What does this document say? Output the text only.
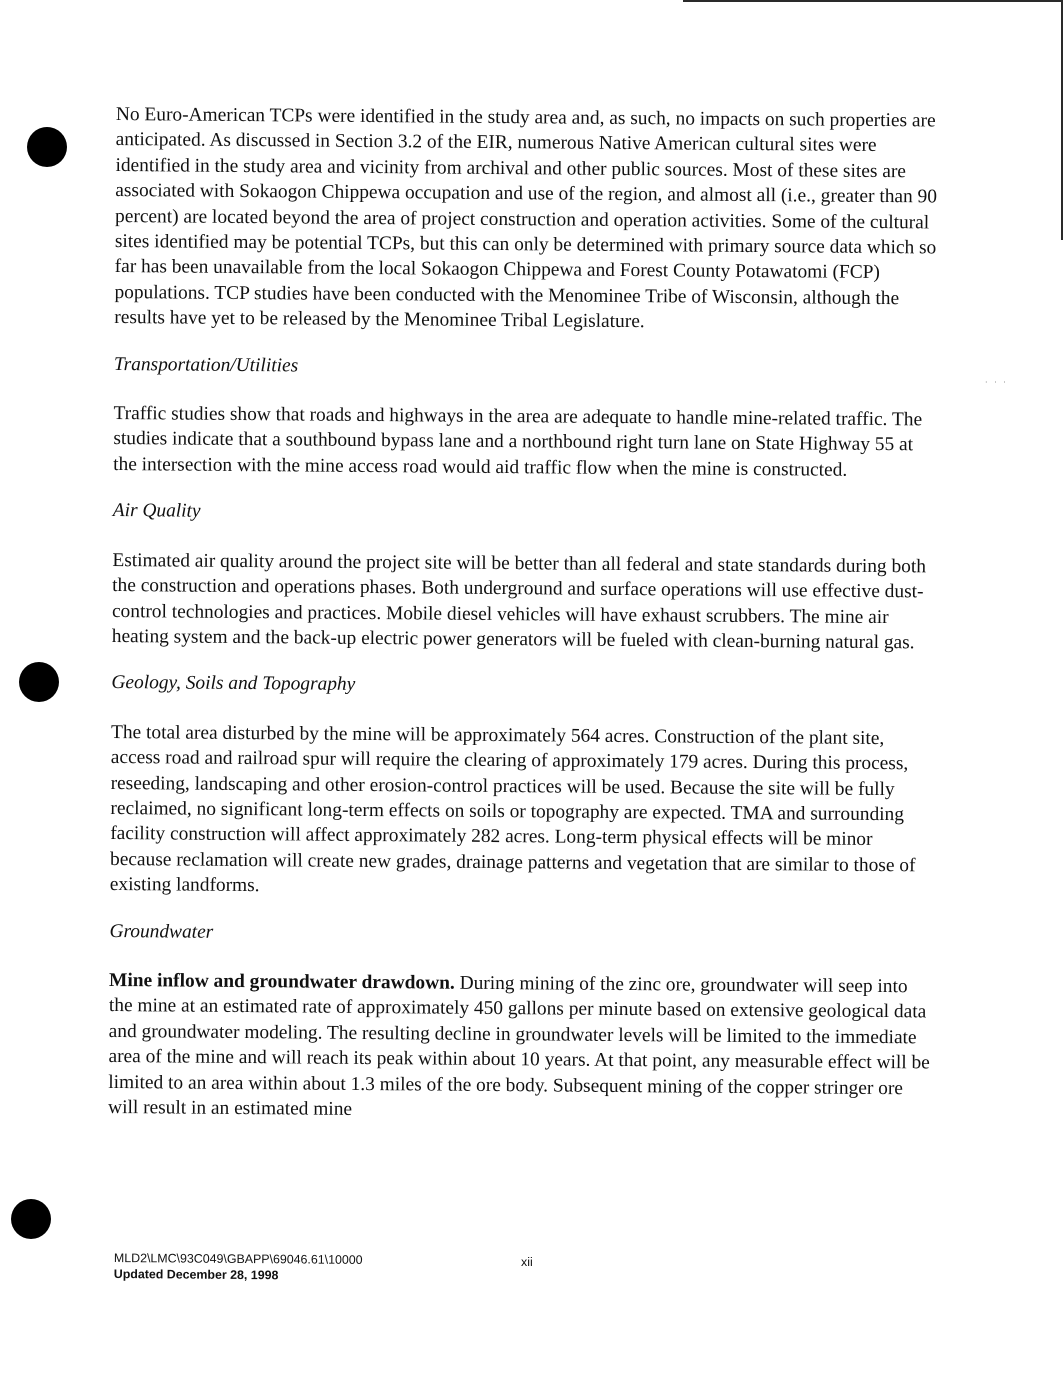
· · ·

No Euro-American TCPs were identified in the study area and, as such, no impacts on such properties are anticipated. As discussed in Section 3.2 of the EIR, numerous Native American cultural sites were identified in the study area and vicinity from archival and other public sources. Most of these sites are associated with Sokaogon Chippewa occupation and use of the region, and almost all (i.e., greater than 90 percent) are located beyond the area of project construction and operation activities. Some of the cultural sites identified may be potential TCPs, but this can only be determined with primary source data which so far has been unavailable from the local Sokaogon Chippewa and Forest County Potawatomi (FCP) populations. TCP studies have been conducted with the Menominee Tribe of Wisconsin, although the results have yet to be released by the Menominee Tribal Legislature.

Transportation/Utilities

Traffic studies show that roads and highways in the area are adequate to handle mine-related traffic. The studies indicate that a southbound bypass lane and a northbound right turn lane on State Highway 55 at the intersection with the mine access road would aid traffic flow when the mine is constructed.

Air Quality

Estimated air quality around the project site will be better than all federal and state standards during both the construction and operations phases. Both underground and surface operations will use effective dust-control technologies and practices. Mobile diesel vehicles will have exhaust scrubbers. The mine air heating system and the back-up electric power generators will be fueled with clean-burning natural gas.

Geology, Soils and Topography

The total area disturbed by the mine will be approximately 564 acres. Construction of the plant site, access road and railroad spur will require the clearing of approximately 179 acres. During this process, reseeding, landscaping and other erosion-control practices will be used. Because the site will be fully reclaimed, no significant long-term effects on soils or topography are expected. TMA and surrounding facility construction will affect approximately 282 acres. Long-term physical effects will be minor because reclamation will create new grades, drainage patterns and vegetation that are similar to those of existing landforms.

Groundwater

Mine inflow and groundwater drawdown. During mining of the zinc ore, groundwater will seep into the mine at an estimated rate of approximately 450 gallons per minute based on extensive geological data and groundwater modeling. The resulting decline in groundwater levels will be limited to the immediate area of the mine and will reach its peak within about 10 years. At that point, any measurable effect will be limited to an area within about 1.3 miles of the ore body. Subsequent mining of the copper stringer ore will result in an estimated mine

MLD2\LMC\93C049\GBAPP\69046.61\10000
Updated December 28, 1998
xii
